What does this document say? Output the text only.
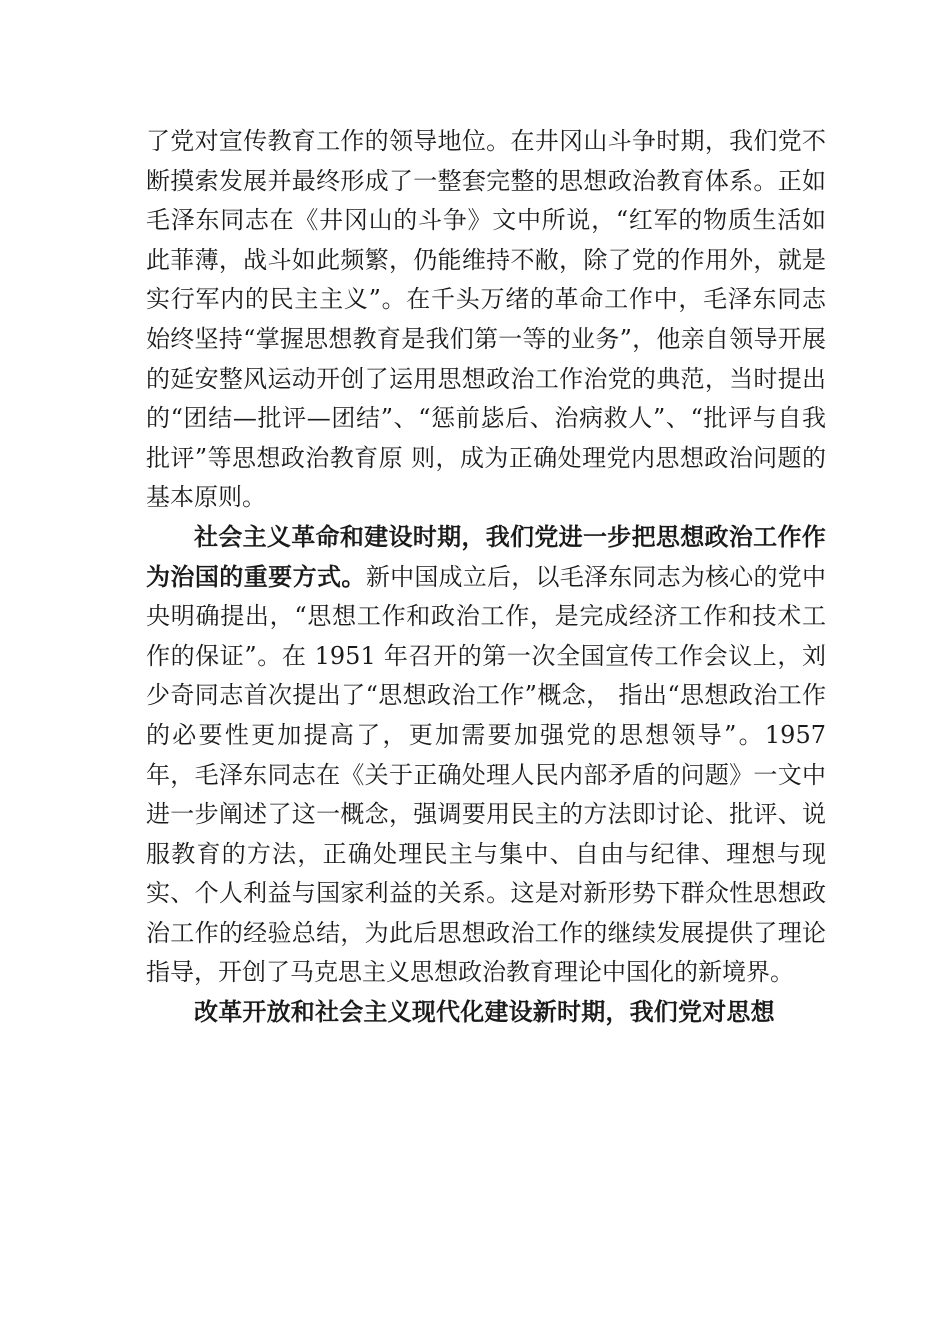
了党对宣传教育工作的领导地位。在井冈山斗争时期，我们党不断摸索发展并最终形成了一整套完整的思想政治教育体系。正如毛泽东同志在《井冈山的斗争》文中所说，“红军的物质生活如此菲薄，战斗如此频繁，仍能维持不敝，除了党的作用外，就是实行军内的民主主义”。在千头万绪的革命工作中，毛泽东同志始终坚持“掌握思想教育是我们第一等的业务”，他亲自领导开展的延安整风运动开创了运用思想政治工作治党的典范，当时提出的“团结—批评—团结”、“惩前毖后、治病救人”、“批评与自我批评”等思想政治教育原 则，成为正确处理党内思想政治问题的基本原则。

社会主义革命和建设时期，我们党进一步把思想政治工作作为治国的重要方式。新中国成立后，以毛泽东同志为核心的党中央明确提出，“思想工作和政治工作，是完成经济工作和技术工作的保证”。在 1951 年召开的第一次全国宣传工作会议上，刘少奇同志首次提出了“思想政治工作”概念， 指出“思想政治工作的必要性更加提高了，更加需要加强党的思想领导”。1957 年，毛泽东同志在《关于正确处理人民内部矛盾的问题》一文中进一步阐述了这一概念，强调要用民主的方法即讨论、批评、说服教育的方法，正确处理民主与集中、自由与纪律、理想与现实、个人利益与国家利益的关系。这是对新形势下群众性思想政治工作的经验总结，为此后思想政治工作的继续发展提供了理论指导，开创了马克思主义思想政治教育理论中国化的新境界。

改革开放和社会主义现代化建设新时期，我们党对思想
